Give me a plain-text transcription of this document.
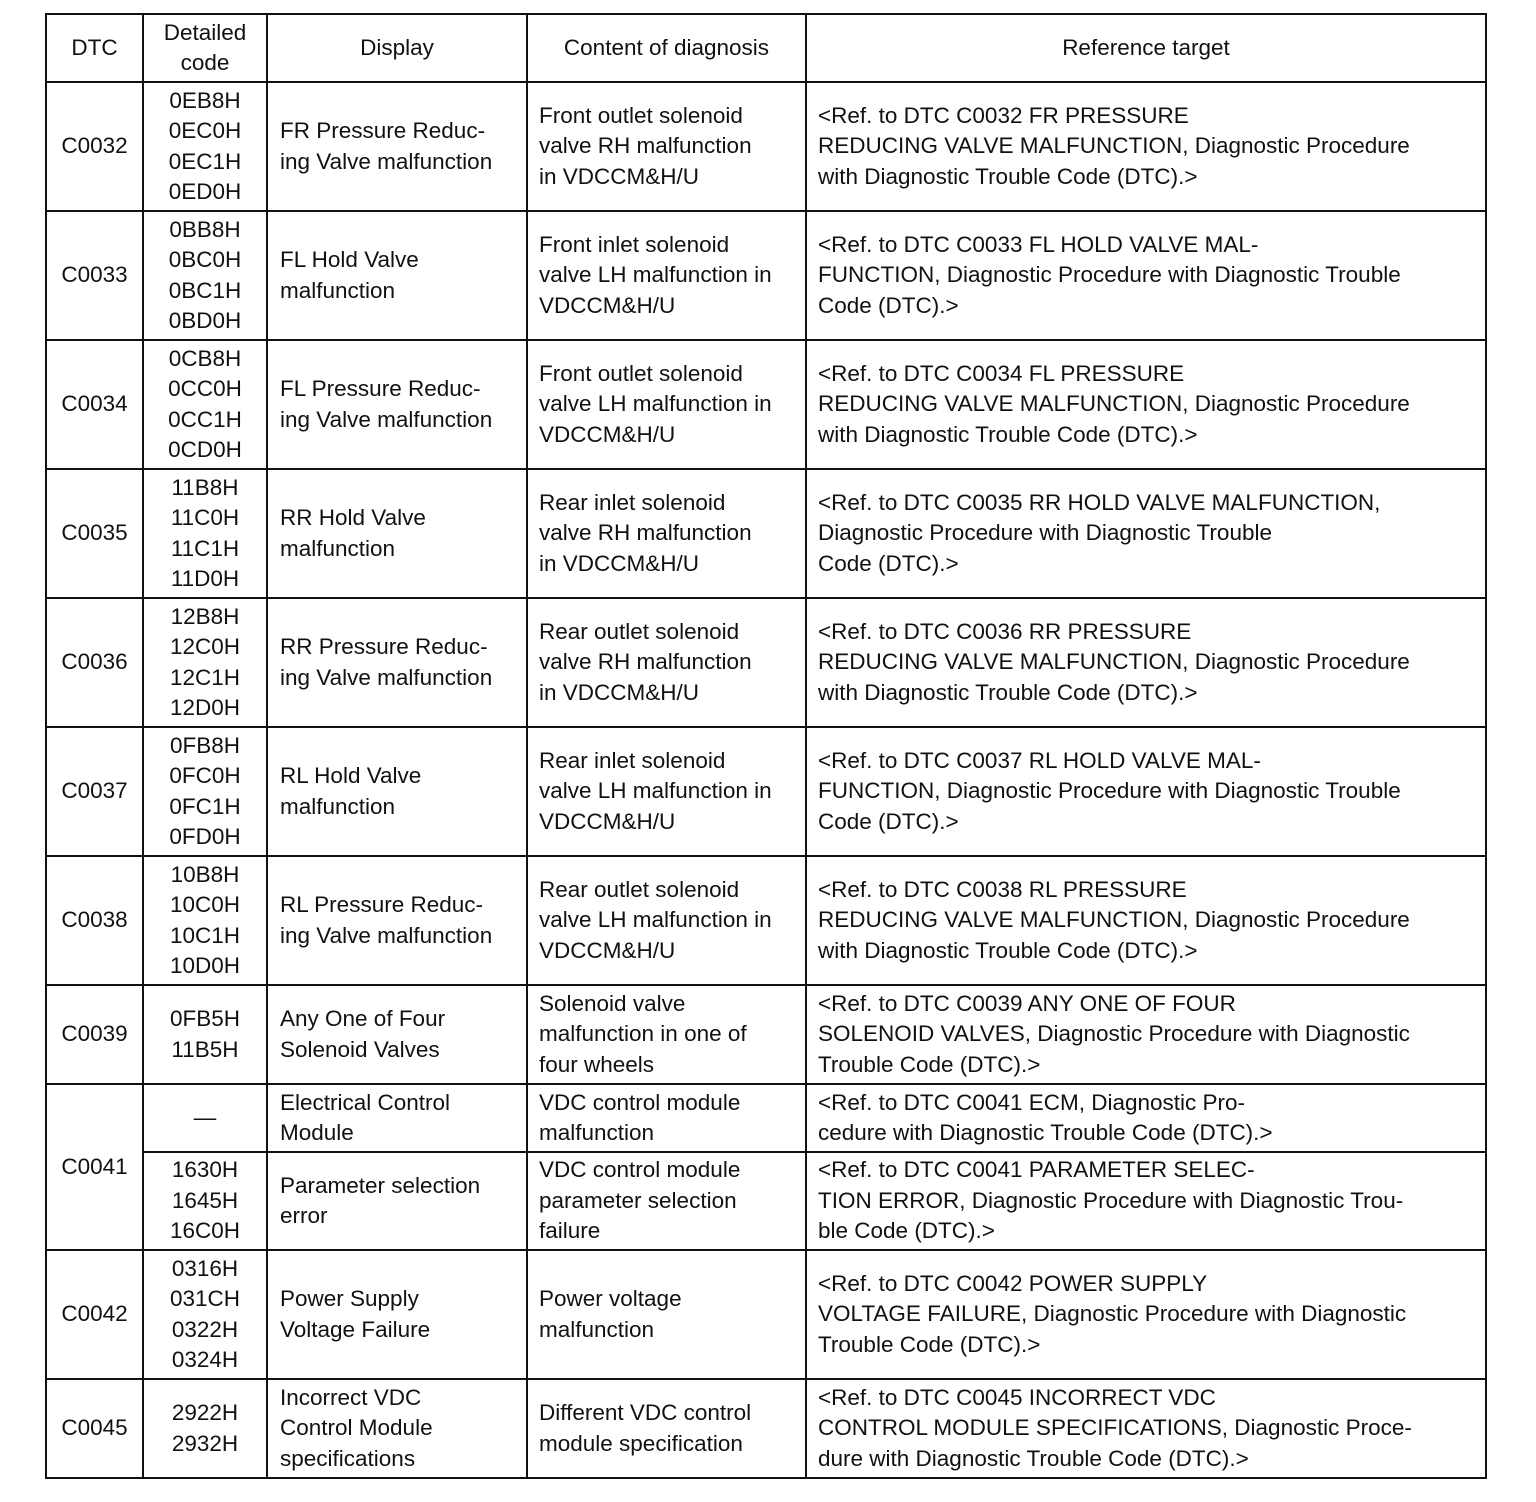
DTC	Detailed
code	Display	Content of diagnosis	Reference target
C0032	0EB8H
0EC0H
0EC1H
0ED0H	FR Pressure Reduc-
ing Valve malfunction	Front outlet solenoid
valve RH malfunction
in VDCCM&H/U	<Ref. to DTC C0032 FR PRESSURE
REDUCING VALVE MALFUNCTION, Diagnostic Procedure
with Diagnostic Trouble Code (DTC).>

C0033	0BB8H
0BC0H
0BC1H
0BD0H	FL Hold Valve
malfunction	Front inlet solenoid
valve LH malfunction in
VDCCM&H/U	<Ref. to DTC C0033 FL HOLD VALVE MAL-
FUNCTION, Diagnostic Procedure with Diagnostic Trouble
Code (DTC).>

C0034	0CB8H
0CC0H
0CC1H
0CD0H	FL Pressure Reduc-
ing Valve malfunction	Front outlet solenoid
valve LH malfunction in
VDCCM&H/U	<Ref. to DTC C0034 FL PRESSURE
REDUCING VALVE MALFUNCTION, Diagnostic Procedure
with Diagnostic Trouble Code (DTC).>

C0035	11B8H
11C0H
11C1H
11D0H	RR Hold Valve
malfunction	Rear inlet solenoid
valve RH malfunction
in VDCCM&H/U	<Ref. to DTC C0035 RR HOLD VALVE MALFUNCTION,
Diagnostic Procedure with Diagnostic Trouble
Code (DTC).>

C0036	12B8H
12C0H
12C1H
12D0H	RR Pressure Reduc-
ing Valve malfunction	Rear outlet solenoid
valve RH malfunction
in VDCCM&H/U	<Ref. to DTC C0036 RR PRESSURE
REDUCING VALVE MALFUNCTION, Diagnostic Procedure
with Diagnostic Trouble Code (DTC).>

C0037	0FB8H
0FC0H
0FC1H
0FD0H	RL Hold Valve
malfunction	Rear inlet solenoid
valve LH malfunction in
VDCCM&H/U	<Ref. to DTC C0037 RL HOLD VALVE MAL-
FUNCTION, Diagnostic Procedure with Diagnostic Trouble
Code (DTC).>

C0038	10B8H
10C0H
10C1H
10D0H	RL Pressure Reduc-
ing Valve malfunction	Rear outlet solenoid
valve LH malfunction in
VDCCM&H/U	<Ref. to DTC C0038 RL PRESSURE
REDUCING VALVE MALFUNCTION, Diagnostic Procedure
with Diagnostic Trouble Code (DTC).>

C0039	0FB5H
11B5H	Any One of Four
Solenoid Valves	Solenoid valve
malfunction in one of
four wheels	<Ref. to DTC C0039 ANY ONE OF FOUR
SOLENOID VALVES, Diagnostic Procedure with Diagnostic
Trouble Code (DTC).>

C0041	—	Electrical Control
Module	VDC control module
malfunction	<Ref. to DTC C0041 ECM, Diagnostic Pro-
cedure with Diagnostic Trouble Code (DTC).>

	1630H
1645H
16C0H	Parameter selection
error	VDC control module
parameter selection
failure	<Ref. to DTC C0041 PARAMETER SELEC-
TION ERROR, Diagnostic Procedure with Diagnostic Trou-
ble Code (DTC).>

C0042	0316H
031CH
0322H
0324H	Power Supply
Voltage Failure	Power voltage
malfunction	<Ref. to DTC C0042 POWER SUPPLY
VOLTAGE FAILURE, Diagnostic Procedure with Diagnostic
Trouble Code (DTC).>

C0045	2922H
2932H	Incorrect VDC
Control Module
specifications	Different VDC control
module specification	<Ref. to DTC C0045 INCORRECT VDC
CONTROL MODULE SPECIFICATIONS, Diagnostic Proce-
dure with Diagnostic Trouble Code (DTC).>
